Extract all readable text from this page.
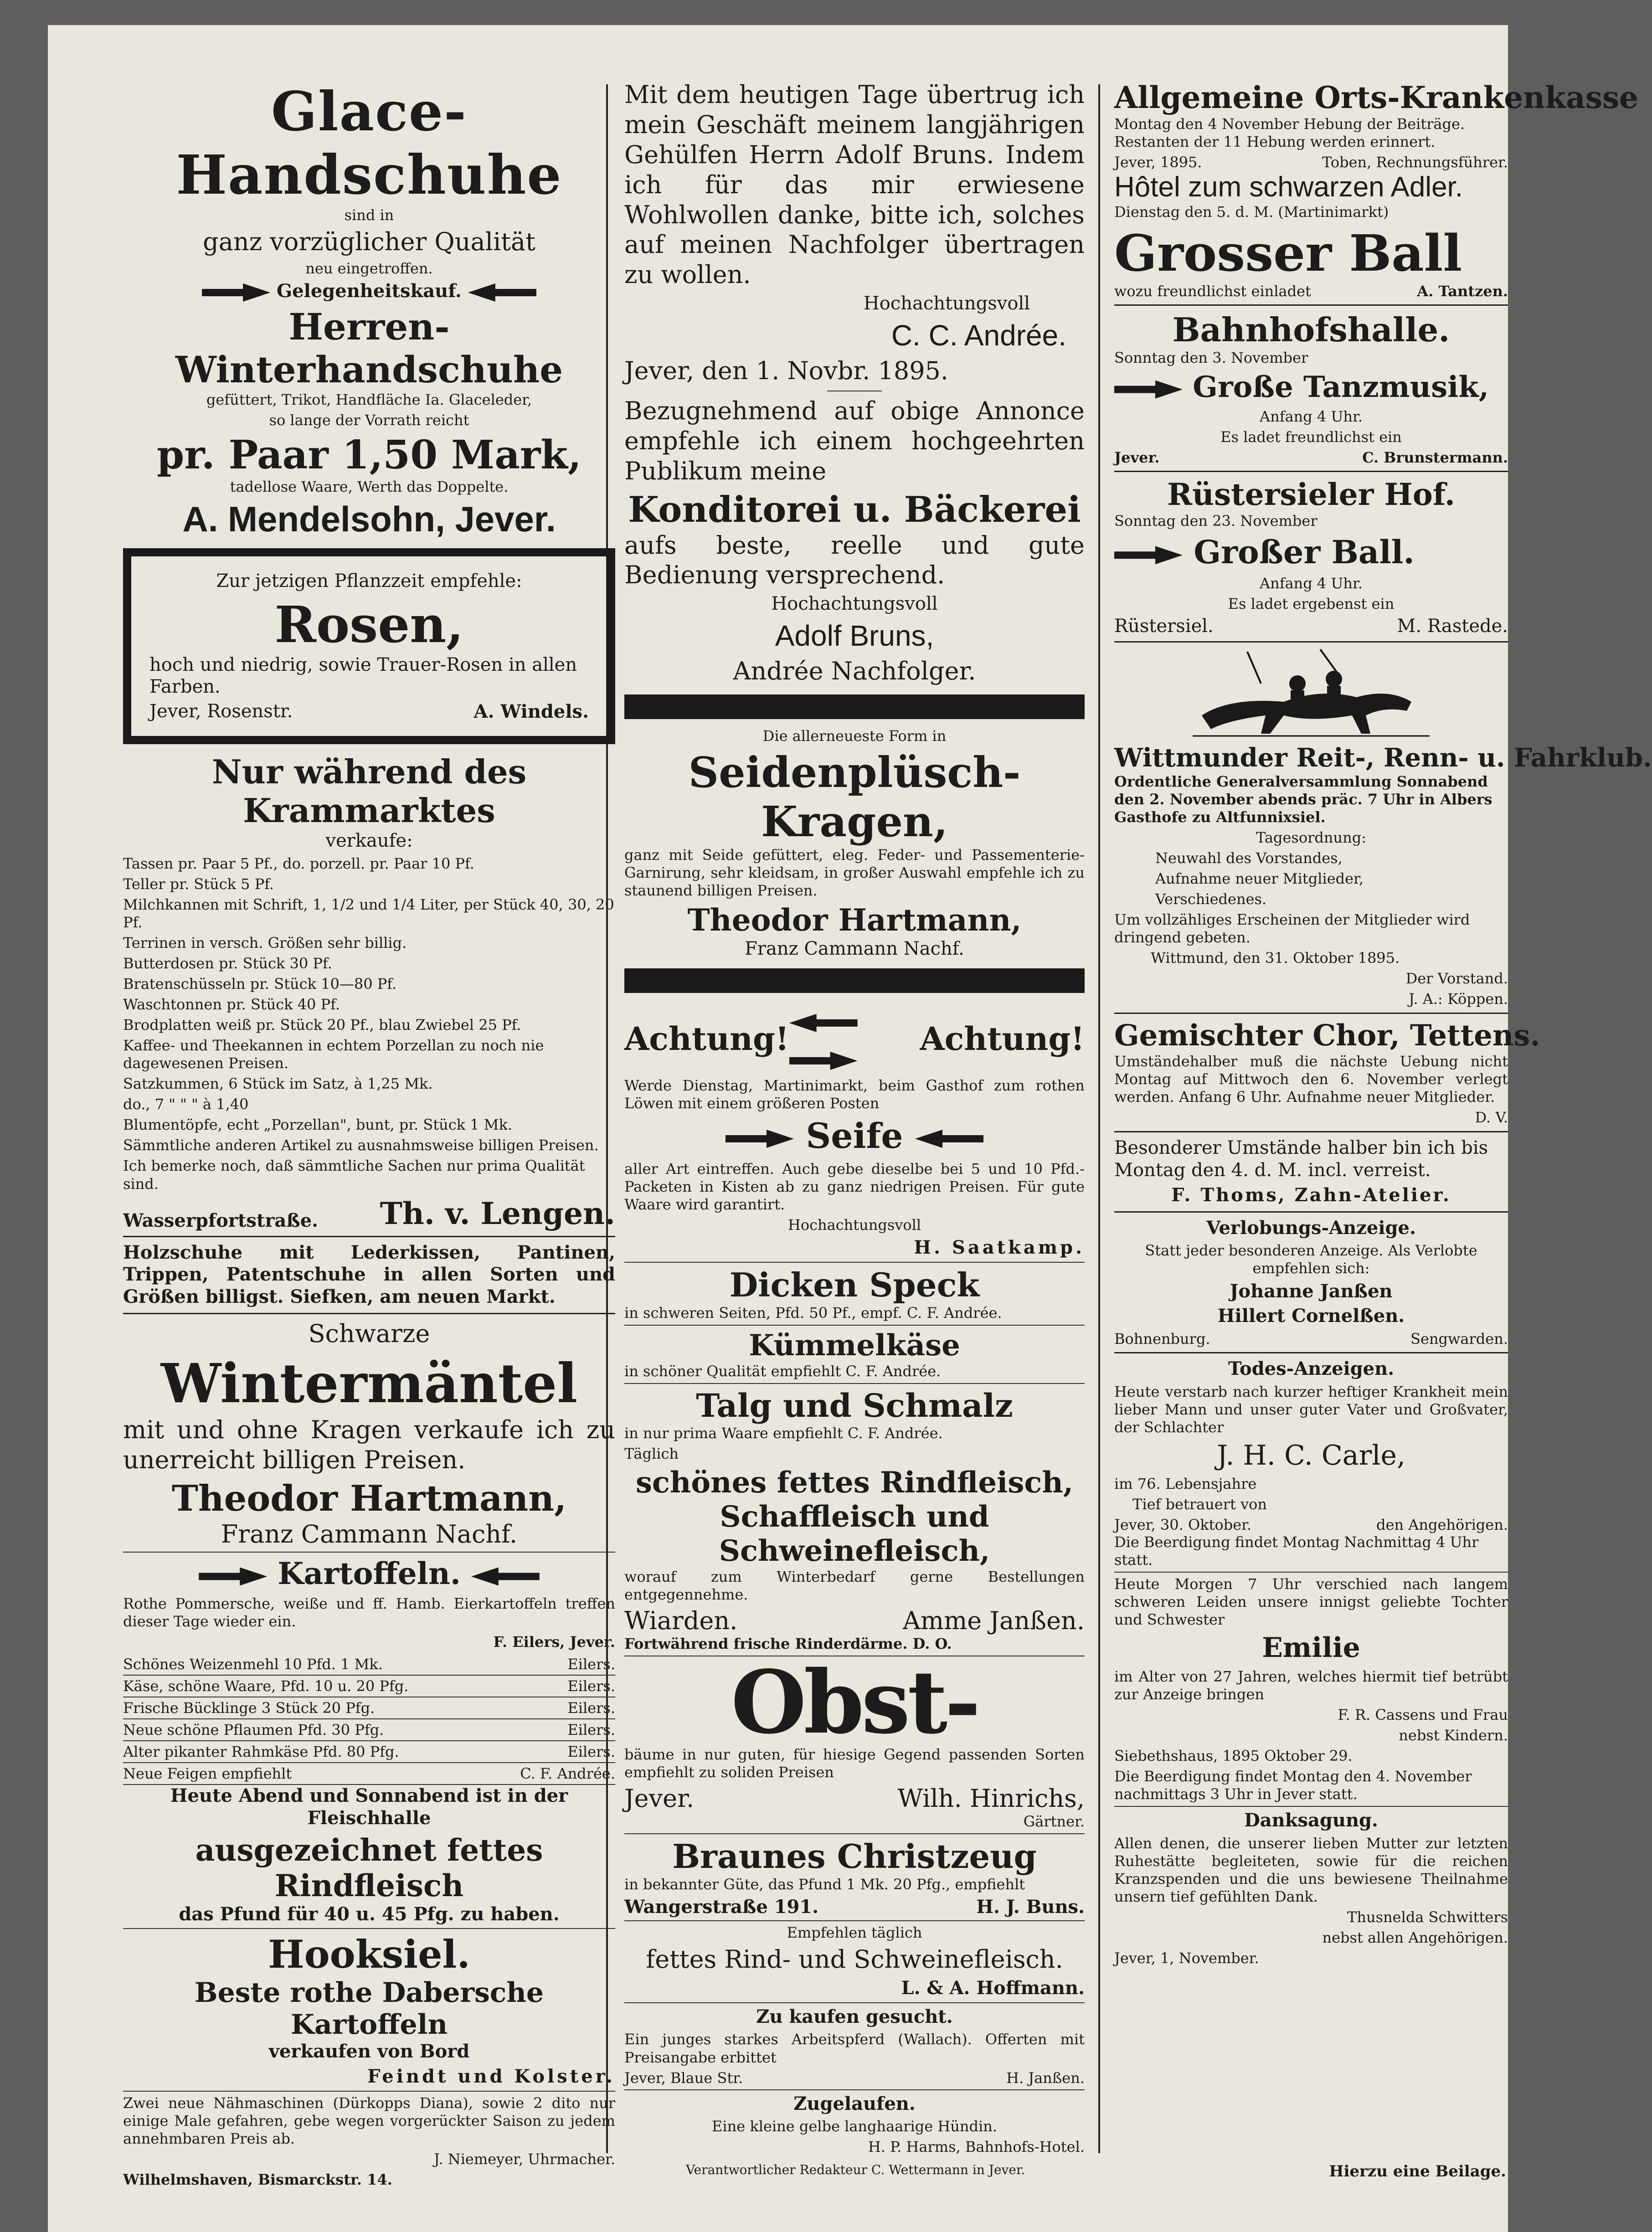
Glace-Handschuhe

sind in

ganz vorzüglicher Qualität

neu eingetroffen.

Gelegenheitskauf.

Herren-Winterhandschuhe

gefüttert, Trikot, Handfläche Ia. Glaceleder,

so lange der Vorrath reicht

pr. Paar 1,50 Mark,

tadellose Waare, Werth das Doppelte.

A. Mendelsohn, Jever.

Zur jetzigen Pflanzzeit empfehle:

Rosen,

hoch und niedrig, sowie Trauer-Rosen in allen Farben.

Jever, Rosenstr.	A. Windels.
Nur während des Krammarktes

verkaufe:

Tassen pr. Paar 5 Pf., do. porzell. pr. Paar 10 Pf.

Teller pr. Stück 5 Pf.

Milchkannen mit Schrift, 1, 1/2 und 1/4 Liter, per Stück 40, 30, 20 Pf.

Terrinen in versch. Größen sehr billig.

Butterdosen pr. Stück 30 Pf.

Bratenschüsseln pr. Stück 10—80 Pf.

Waschtonnen pr. Stück 40 Pf.

Brodplatten weiß pr. Stück 20 Pf., blau Zwiebel 25 Pf.

Kaffee- und Theekannen in echtem Porzellan zu noch nie dagewesenen Preisen.

Satzkummen, 6 Stück im Satz, à 1,25 Mk.

do., 7 " " " à 1,40

Blumentöpfe, echt „Porzellan", bunt, pr. Stück 1 Mk.

Sämmtliche anderen Artikel zu ausnahmsweise billigen Preisen.

Ich bemerke noch, daß sämmtliche Sachen nur prima Qualität sind.

Wasserpfortstraße. Th. v. Lengen.

Holzschuhe mit Lederkissen, Pantinen, Trippen, Patentschuhe in allen Sorten und Größen billigst. Siefken, am neuen Markt.

Schwarze

Wintermäntel

mit und ohne Kragen verkaufe ich zu unerreicht billigen Preisen.

Theodor Hartmann,

Franz Cammann Nachf.

Kartoffeln.

Rothe Pommersche, weiße und ff. Hamb. Eierkartoffeln treffen dieser Tage wieder ein.

F. Eilers, Jever.

Schönes Weizenmehl 10 Pfd. 1 Mk.	Eilers.
Käse, schöne Waare, Pfd. 10 u. 20 Pfg.	Eilers.
Frische Bücklinge 3 Stück 20 Pfg.	Eilers.
Neue schöne Pflaumen Pfd. 30 Pfg.	Eilers.
Alter pikanter Rahmkäse Pfd. 80 Pfg.	Eilers.
Neue Feigen empfiehlt	C. F. Andrée.

Heute Abend und Sonnabend ist in der Fleischhalle

ausgezeichnet fettes Rindfleisch

das Pfund für 40 u. 45 Pfg. zu haben.

Hooksiel.
Beste rothe Dabersche Kartoffeln

verkaufen von Bord

Feindt und Kolster.

Zwei neue Nähmaschinen (Dürkopps Diana), sowie 2 dito nur einige Male gefahren, gebe wegen vorgerückter Saison zu jedem annehmbaren Preis ab.

J. Niemeyer, Uhrmacher.

Wilhelmshaven, Bismarckstr. 14.

Mit dem heutigen Tage übertrug ich mein Geschäft meinem langjährigen Gehülfen Herrn Adolf Bruns. Indem ich für das mir erwiesene Wohlwollen danke, bitte ich, solches auf meinen Nachfolger übertragen zu wollen.

Hochachtungsvoll

C. C. Andrée.

Jever, den 1. Novbr. 1895.

Bezugnehmend auf obige Annonce empfehle ich einem hochgeehrten Publikum meine

Konditorei u. Bäckerei

aufs beste, reelle und gute Bedienung versprechend.

Hochachtungsvoll

Adolf Bruns,

Andrée Nachfolger.

Die allerneueste Form in

Seidenplüsch-Kragen,

ganz mit Seide gefüttert, eleg. Feder- und Passementerie-Garnirung, sehr kleidsam, in großer Auswahl empfehle ich zu staunend billigen Preisen.

Theodor Hartmann,

Franz Cammann Nachf.

Achtung!
	Achtung!

Werde Dienstag, Martinimarkt, beim Gasthof zum rothen Löwen mit einem größeren Posten

Seife

aller Art eintreffen. Auch gebe dieselbe bei 5 und 10 Pfd.-Packeten in Kisten ab zu ganz niedrigen Preisen. Für gute Waare wird garantirt.

Hochachtungsvoll

H. Saatkamp.

Dicken Speck

in schweren Seiten, Pfd. 50 Pf., empf. C. F. Andrée.

Kümmelkäse

in schöner Qualität empfiehlt C. F. Andrée.

Talg und Schmalz

in nur prima Waare empfiehlt C. F. Andrée.

Täglich

schönes fettes Rindfleisch,
Schaffleisch und Schweinefleisch,

worauf zum Winterbedarf gerne Bestellungen entgegennehme.

Wiarden.	Amme Janßen.

Fortwährend frische Rinderdärme. D. O.

Obst-

bäume in nur guten, für hiesige Gegend passenden Sorten empfiehlt zu soliden Preisen

Jever.	Wilh. Hinrichs,

Gärtner.

Braunes Christzeug

in bekannter Güte, das Pfund 1 Mk. 20 Pfg., empfiehlt

Wangerstraße 191.	H. J. Buns.

Empfehlen täglich

fettes Rind- und Schweinefleisch.

L. & A. Hoffmann.

Zu kaufen gesucht.

Ein junges starkes Arbeitspferd (Wallach). Offerten mit Preisangabe erbittet

Jever, Blaue Str.	H. Janßen.

Zugelaufen.

Eine kleine gelbe langhaarige Hündin.

H. P. Harms, Bahnhofs-Hotel.

Allgemeine Orts-Krankenkasse

Montag den 4 November Hebung der Beiträge. Restanten der 11 Hebung werden erinnert.

Jever, 1895.	Toben, Rechnungsführer.
Hôtel zum schwarzen Adler.

Dienstag den 5. d. M. (Martinimarkt)

Grosser Ball
wozu freundlichst einladet	A. Tantzen.
Bahnhofshalle.

Sonntag den 3. November

Große Tanzmusik,

Anfang 4 Uhr.

Es ladet freundlichst ein

Jever.	C. Brunstermann.
Rüstersieler Hof.

Sonntag den 23. November

Großer Ball.

Anfang 4 Uhr.

Es ladet ergebenst ein

Rüstersiel.	M. Rastede.
Wittmunder Reit-, Renn- u. Fahrklub.

Ordentliche Generalversammlung Sonnabend den 2. November abends präc. 7 Uhr in Albers Gasthofe zu Altfunnixsiel.

Tagesordnung:

Neuwahl des Vorstandes,

Aufnahme neuer Mitglieder,

Verschiedenes.

Um vollzähliges Erscheinen der Mitglieder wird dringend gebeten.

Wittmund, den 31. Oktober 1895.

Der Vorstand.

J. A.: Köppen.

Gemischter Chor, Tettens.

Umständehalber muß die nächste Uebung nicht Montag auf Mittwoch den 6. November verlegt werden. Anfang 6 Uhr. Aufnahme neuer Mitglieder.

D. V.

Besonderer Umstände halber bin ich bis Montag den 4. d. M. incl. verreist.

F. Thoms, Zahn-Atelier.

Verlobungs-Anzeige.

Statt jeder besonderen Anzeige. Als Verlobte empfehlen sich:

Johanne Janßen

Hillert Cornelßen.

Bohnenburg.	Sengwarden.

Todes-Anzeigen.

Heute verstarb nach kurzer heftiger Krankheit mein lieber Mann und unser guter Vater und Großvater, der Schlachter

J. H. C. Carle,

im 76. Lebensjahre

Tief betrauert von

Jever, 30. Oktober.	den Angehörigen.

Die Beerdigung findet Montag Nachmittag 4 Uhr statt.

Heute Morgen 7 Uhr verschied nach langem schweren Leiden unsere innigst geliebte Tochter und Schwester

Emilie

im Alter von 27 Jahren, welches hiermit tief betrübt zur Anzeige bringen

F. R. Cassens und Frau

nebst Kindern.

Siebethshaus, 1895 Oktober 29.

Die Beerdigung findet Montag den 4. November nachmittags 3 Uhr in Jever statt.

Danksagung.

Allen denen, die unserer lieben Mutter zur letzten Ruhestätte begleiteten, sowie für die reichen Kranzspenden und die uns bewiesene Theilnahme unsern tief gefühlten Dank.

Thusnelda Schwitters

nebst allen Angehörigen.

Jever, 1, November.

Verantwortlicher Redakteur C. Wettermann in Jever.	Hierzu eine Beilage.
